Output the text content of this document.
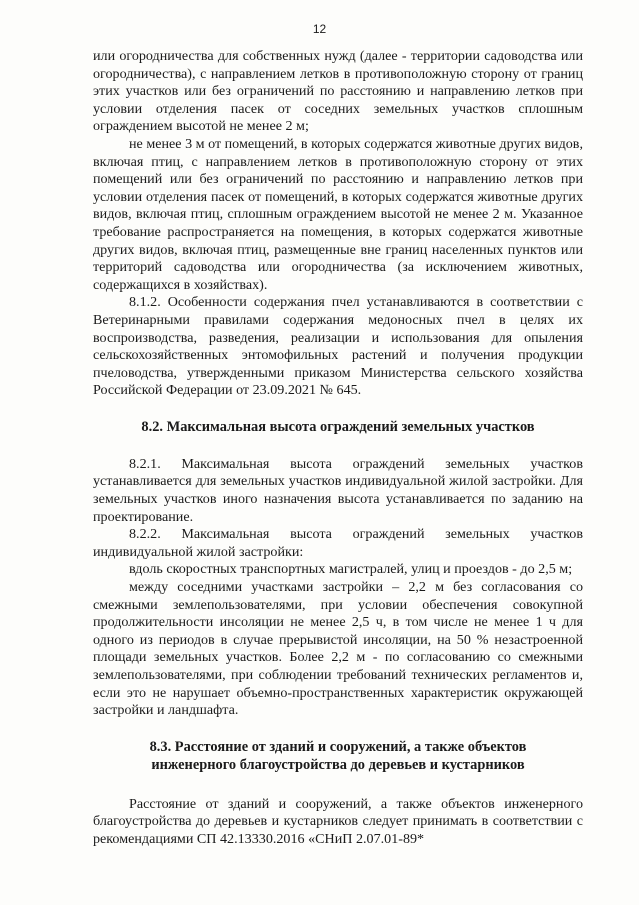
12

или огородничества для собственных нужд (далее - территории садоводства или огородничества), с направлением летков в противоположную сторону от границ этих участков или без ограничений по расстоянию и направлению летков при условии отделения пасек от соседних земельных участков сплошным ограждением высотой не менее 2 м;

не менее 3 м от помещений, в которых содержатся животные других видов, включая птиц, с направлением летков в противоположную сторону от этих помещений или без ограничений по расстоянию и направлению летков при условии отделения пасек от помещений, в которых содержатся животные других видов, включая птиц, сплошным ограждением высотой не менее 2 м. Указанное требование распространяется на помещения, в которых содержатся животные других видов, включая птиц, размещенные вне границ населенных пунктов или территорий садоводства или огородничества (за исключением животных, содержащихся в хозяйствах).

8.1.2. Особенности содержания пчел устанавливаются в соответствии с Ветеринарными правилами содержания медоносных пчел в целях их воспроизводства, разведения, реализации и использования для опыления сельскохозяйственных энтомофильных растений и получения продукции пчеловодства, утвержденными приказом Министерства сельского хозяйства Российской Федерации от 23.09.2021 № 645.

8.2. Максимальная высота ограждений земельных участков

8.2.1. Максимальная высота ограждений земельных участков устанавливается для земельных участков индивидуальной жилой застройки. Для земельных участков иного назначения высота устанавливается по заданию на проектирование.

8.2.2. Максимальная высота ограждений земельных участков индивидуальной жилой застройки:

вдоль скоростных транспортных магистралей, улиц и проездов - до 2,5 м;

между соседними участками застройки – 2,2 м без согласования со смежными землепользователями, при условии обеспечения совокупной продолжительности инсоляции не менее 2,5 ч, в том числе не менее 1 ч для одного из периодов в случае прерывистой инсоляции, на 50 % незастроенной площади земельных участков. Более 2,2 м - по согласованию со смежными землепользователями, при соблюдении требований технических регламентов и, если это не нарушает объемно-пространственных характеристик окружающей застройки и ландшафта.

8.3. Расстояние от зданий и сооружений, а также объектов
инженерного благоустройства до деревьев и кустарников

Расстояние от зданий и сооружений, а также объектов инженерного благоустройства до деревьев и кустарников следует принимать в соответствии с рекомендациями СП 42.13330.2016 «СНиП 2.07.01-89*
